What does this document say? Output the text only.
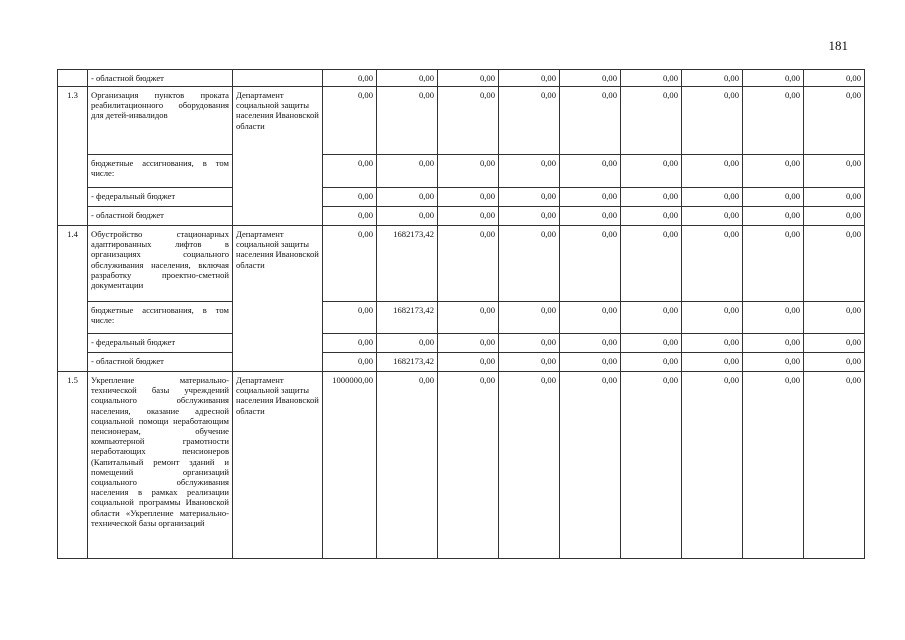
181
	- областной бюджет		0,00	0,00	0,00	0,00	0,00	0,00	0,00	0,00	0,00
1.3	Организация пунктов проката реабилитационного оборудования для детей-инвалидов	Департамент социальной защиты населения Ивановской области	0,00	0,00	0,00	0,00	0,00	0,00	0,00	0,00	0,00
	бюджетные ассигнования, в том числе:		0,00	0,00	0,00	0,00	0,00	0,00	0,00	0,00	0,00
	- федеральный бюджет		0,00	0,00	0,00	0,00	0,00	0,00	0,00	0,00	0,00
	- областной бюджет		0,00	0,00	0,00	0,00	0,00	0,00	0,00	0,00	0,00
1.4	Обустройство стационарных адаптированных лифтов в организациях социального обслуживания населения, включая разработку проектно-сметной документации	Департамент социальной защиты населения Ивановской области	0,00	1682173,42	0,00	0,00	0,00	0,00	0,00	0,00	0,00
	бюджетные ассигнования, в том числе:		0,00	1682173,42	0,00	0,00	0,00	0,00	0,00	0,00	0,00
	- федеральный бюджет		0,00	0,00	0,00	0,00	0,00	0,00	0,00	0,00	0,00
	- областной бюджет		0,00	1682173,42	0,00	0,00	0,00	0,00	0,00	0,00	0,00
1.5	Укрепление материально-технической базы учреждений социального обслуживания населения, оказание адресной социальной помощи неработающим пенсионерам, обучение компьютерной грамотности неработающих пенсионеров (Капитальный ремонт зданий и помещений организаций социального обслуживания населения в рамках реализации социальной программы Ивановской области «Укрепление материально-технической базы организаций	Департамент социальной защиты населения Ивановской области	1000000,00	0,00	0,00	0,00	0,00	0,00	0,00	0,00	0,00
